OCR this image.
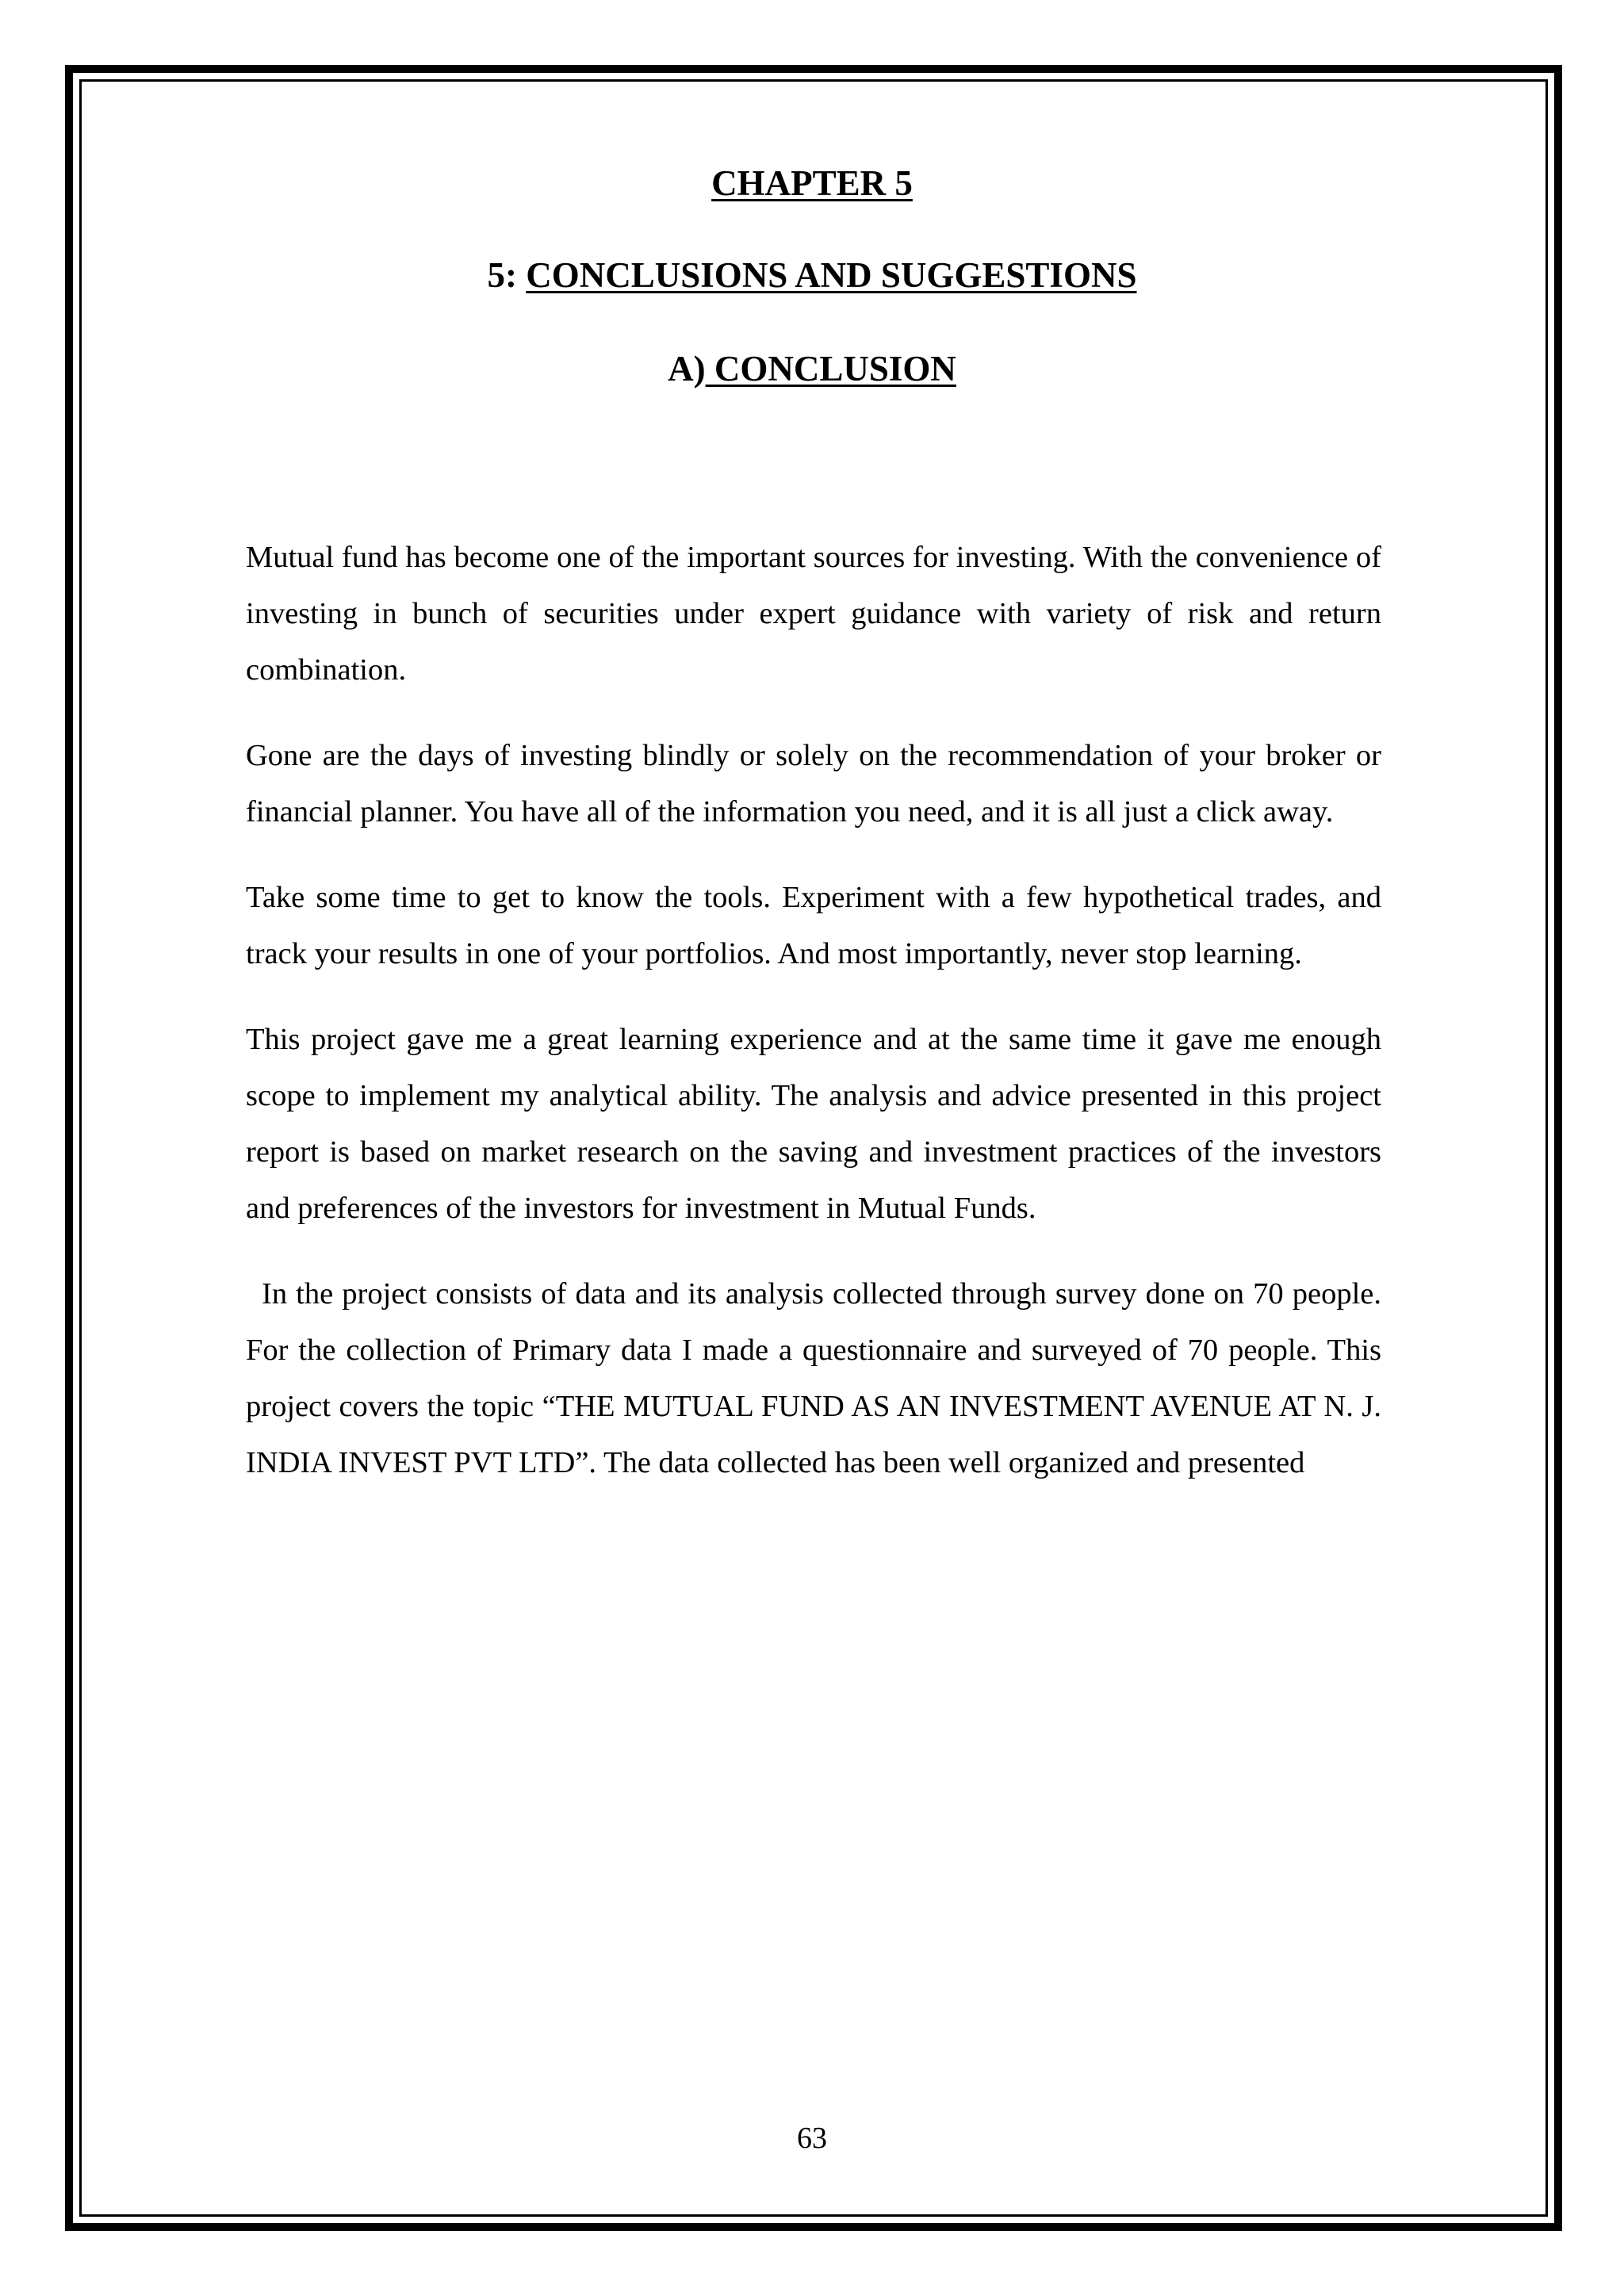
CHAPTER 5
5: CONCLUSIONS AND SUGGESTIONS
A) CONCLUSION

Mutual fund has become one of the important sources for investing. With the convenience of investing in bunch of securities under expert guidance with variety of risk and return combination.

Gone are the days of investing blindly or solely on the recommendation of your broker or financial planner. You have all of the information you need, and it is all just a click away.

Take some time to get to know the tools. Experiment with a few hypothetical trades, and track your results in one of your portfolios. And most importantly, never stop learning.

This project gave me a great learning experience and at the same time it gave me enough scope to implement my analytical ability. The analysis and advice presented in this project report is based on market research on the saving and investment practices of the investors and preferences of the investors for investment in Mutual Funds.

In the project consists of data and its analysis collected through survey done on 70 people. For the collection of Primary data I made a questionnaire and surveyed of 70 people. This project covers the topic “THE MUTUAL FUND AS AN INVESTMENT AVENUE AT N. J. INDIA INVEST PVT LTD”. The data collected has been well organized and presented

63
